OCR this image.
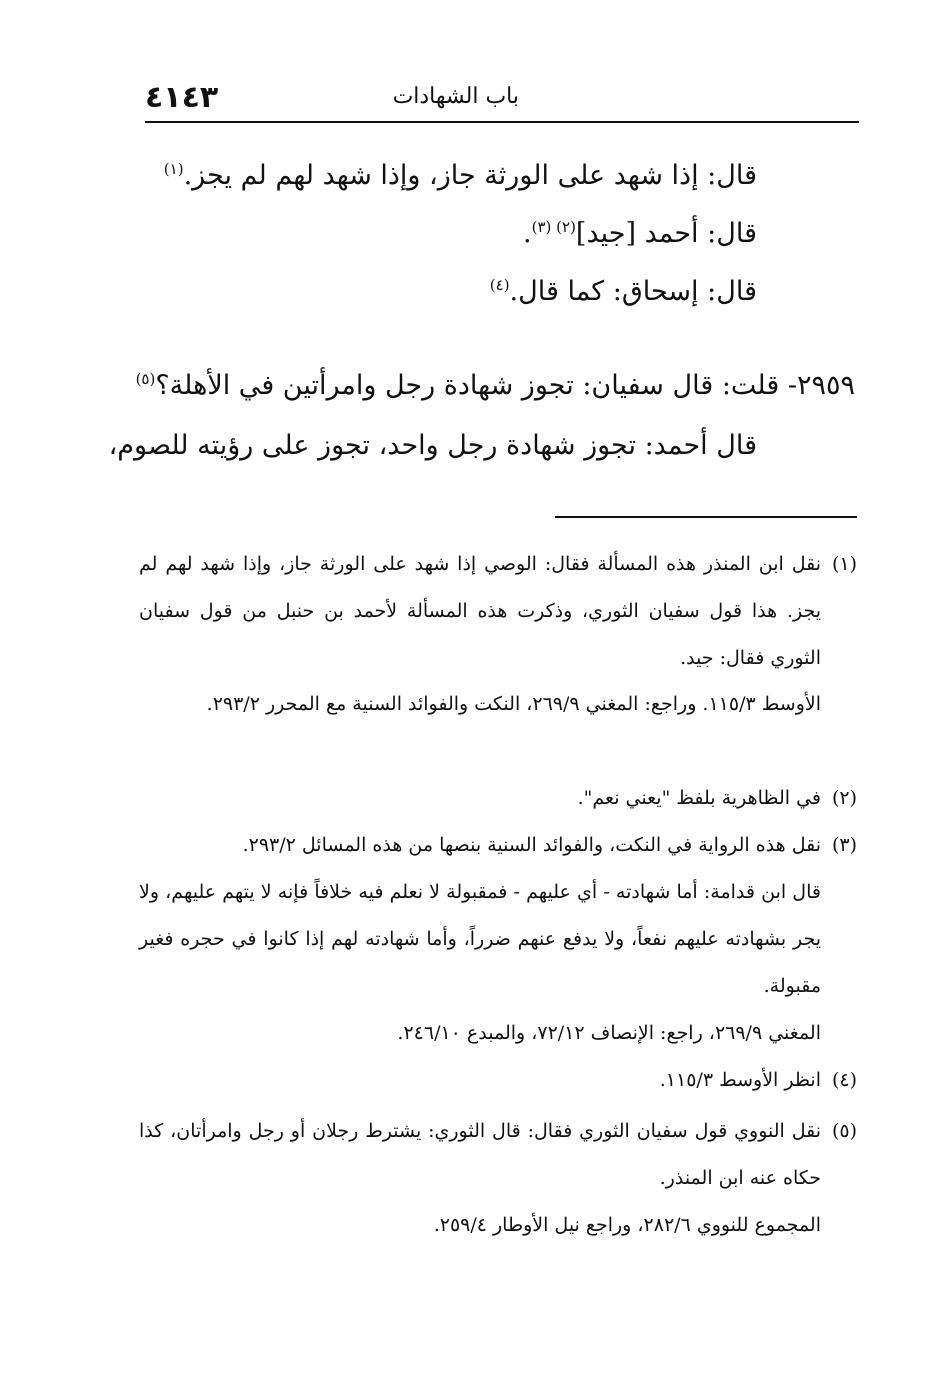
٤١٤٣	باب الشهادات
قال: إذا شهد على الورثة جاز، وإذا شهد لهم لم يجز.$^{(١)}$
قال: أحمد [جيد]$^{(٢) (٣)}$.
قال: إسحاق: كما قال.$^{(٤)}$
٢٩٥٩- قلت: قال سفيان: تجوز شهادة رجل وامرأتين في الأهلة؟$^{(٥)}$
قال أحمد: تجوز شهادة رجل واحد، تجوز على رؤيته للصوم،
(١)
نقل ابن المنذر هذه المسألة فقال: الوصي إذا شهد على الورثة جاز، وإذا شهد لهم لم يجز. هذا قول سفيان الثوري، وذكرت هذه المسألة لأحمد بن حنبل من قول سفيان الثوري فقال: جيد.
الأوسط ١١٥/٣. وراجع: المغني ٢٦٩/٩، النكت والفوائد السنية مع المحرر ٢٩٣/٢.
(٢)
في الظاهرية بلفظ "يعني نعم".
(٣)
نقل هذه الرواية في النكت، والفوائد السنية بنصها من هذه المسائل ٢٩٣/٢.
قال ابن قدامة: أما شهادته - أي عليهم - فمقبولة لا نعلم فيه خلافاً فإنه لا يتهم عليهم، ولا يجر بشهادته عليهم نفعاً، ولا يدفع عنهم ضرراً، وأما شهادته لهم إذا كانوا في حجره فغير مقبولة.
المغني ٢٦٩/٩، راجع: الإنصاف ٧٢/١٢، والمبدع ٢٤٦/١٠.
(٤)
انظر الأوسط ١١٥/٣.
(٥)
نقل النووي قول سفيان الثوري فقال: قال الثوري: يشترط رجلان أو رجل وامرأتان، كذا حكاه عنه ابن المنذر.
المجموع للنووي ٢٨٢/٦، وراجع نيل الأوطار ٢٥٩/٤.
